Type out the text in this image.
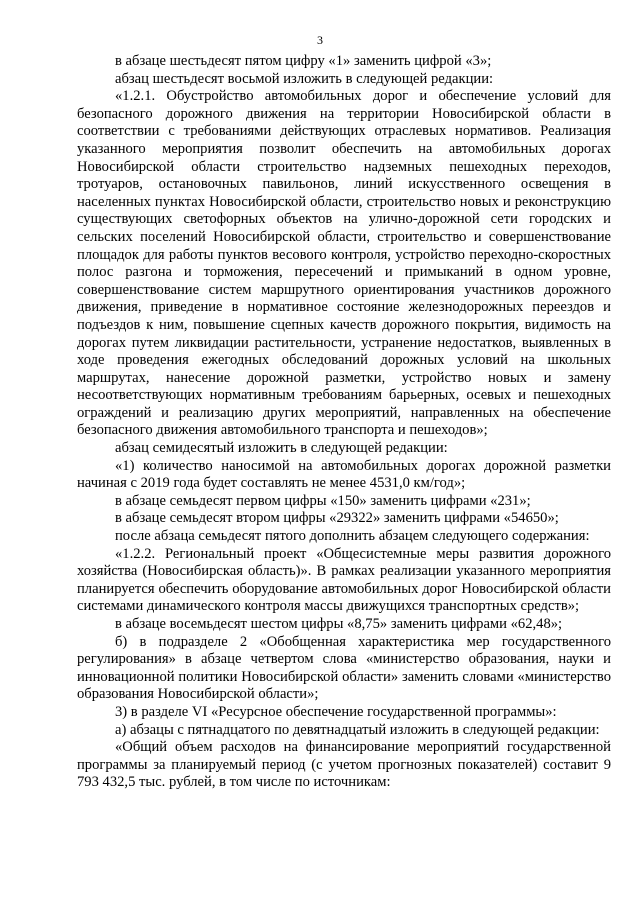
3

в абзаце шестьдесят пятом цифру «1» заменить цифрой «3»;

абзац шестьдесят восьмой изложить в следующей редакции:

«1.2.1. Обустройство автомобильных дорог и обеспечение условий для безопасного дорожного движения на территории Новосибирской области в соответствии с требованиями действующих отраслевых нормативов. Реализация указанного мероприятия позволит обеспечить на автомобильных дорогах Новосибирской области строительство надземных пешеходных переходов, тротуаров, остановочных павильонов, линий искусственного освещения в населенных пунктах Новосибирской области, строительство новых и реконструкцию существующих светофорных объектов на улично-дорожной сети городских и сельских поселений Новосибирской области, строительство и совершенствование площадок для работы пунктов весового контроля, устройство переходно-скоростных полос разгона и торможения, пересечений и примыканий в одном уровне, совершенствование систем маршрутного ориентирования участников дорожного движения, приведение в нормативное состояние железнодорожных переездов и подъездов к ним, повышение сцепных качеств дорожного покрытия, видимость на дорогах путем ликвидации растительности, устранение недостатков, выявленных в ходе проведения ежегодных обследований дорожных условий на школьных маршрутах, нанесение дорожной разметки, устройство новых и замену несоответствующих нормативным требованиям барьерных, осевых и пешеходных ограждений и реализацию других мероприятий, направленных на обеспечение безопасного движения автомобильного транспорта и пешеходов»;

абзац семидесятый изложить в следующей редакции:

«1) количество наносимой на автомобильных дорогах дорожной разметки начиная с 2019 года будет составлять не менее 4531,0 км/год»;

в абзаце семьдесят первом цифры «150» заменить цифрами «231»;

в абзаце семьдесят втором цифры «29322» заменить цифрами «54650»;

после абзаца семьдесят пятого дополнить абзацем следующего содержания:

«1.2.2. Региональный проект «Общесистемные меры развития дорожного хозяйства (Новосибирская область)». В рамках реализации указанного мероприятия планируется обеспечить оборудование автомобильных дорог Новосибирской области системами динамического контроля массы движущихся транспортных средств»;

в абзаце восемьдесят шестом цифры «8,75» заменить цифрами «62,48»;

б) в подразделе 2 «Обобщенная характеристика мер государственного регулирования» в абзаце четвертом слова «министерство образования, науки и инновационной политики Новосибирской области» заменить словами «министерство образования Новосибирской области»;

3) в разделе VI «Ресурсное обеспечение государственной программы»:

а) абзацы с пятнадцатого по девятнадцатый изложить в следующей редакции:

«Общий объем расходов на финансирование мероприятий государственной программы за планируемый период (с учетом прогнозных показателей) составит 9 793 432,5 тыс. рублей, в том числе по источникам:
